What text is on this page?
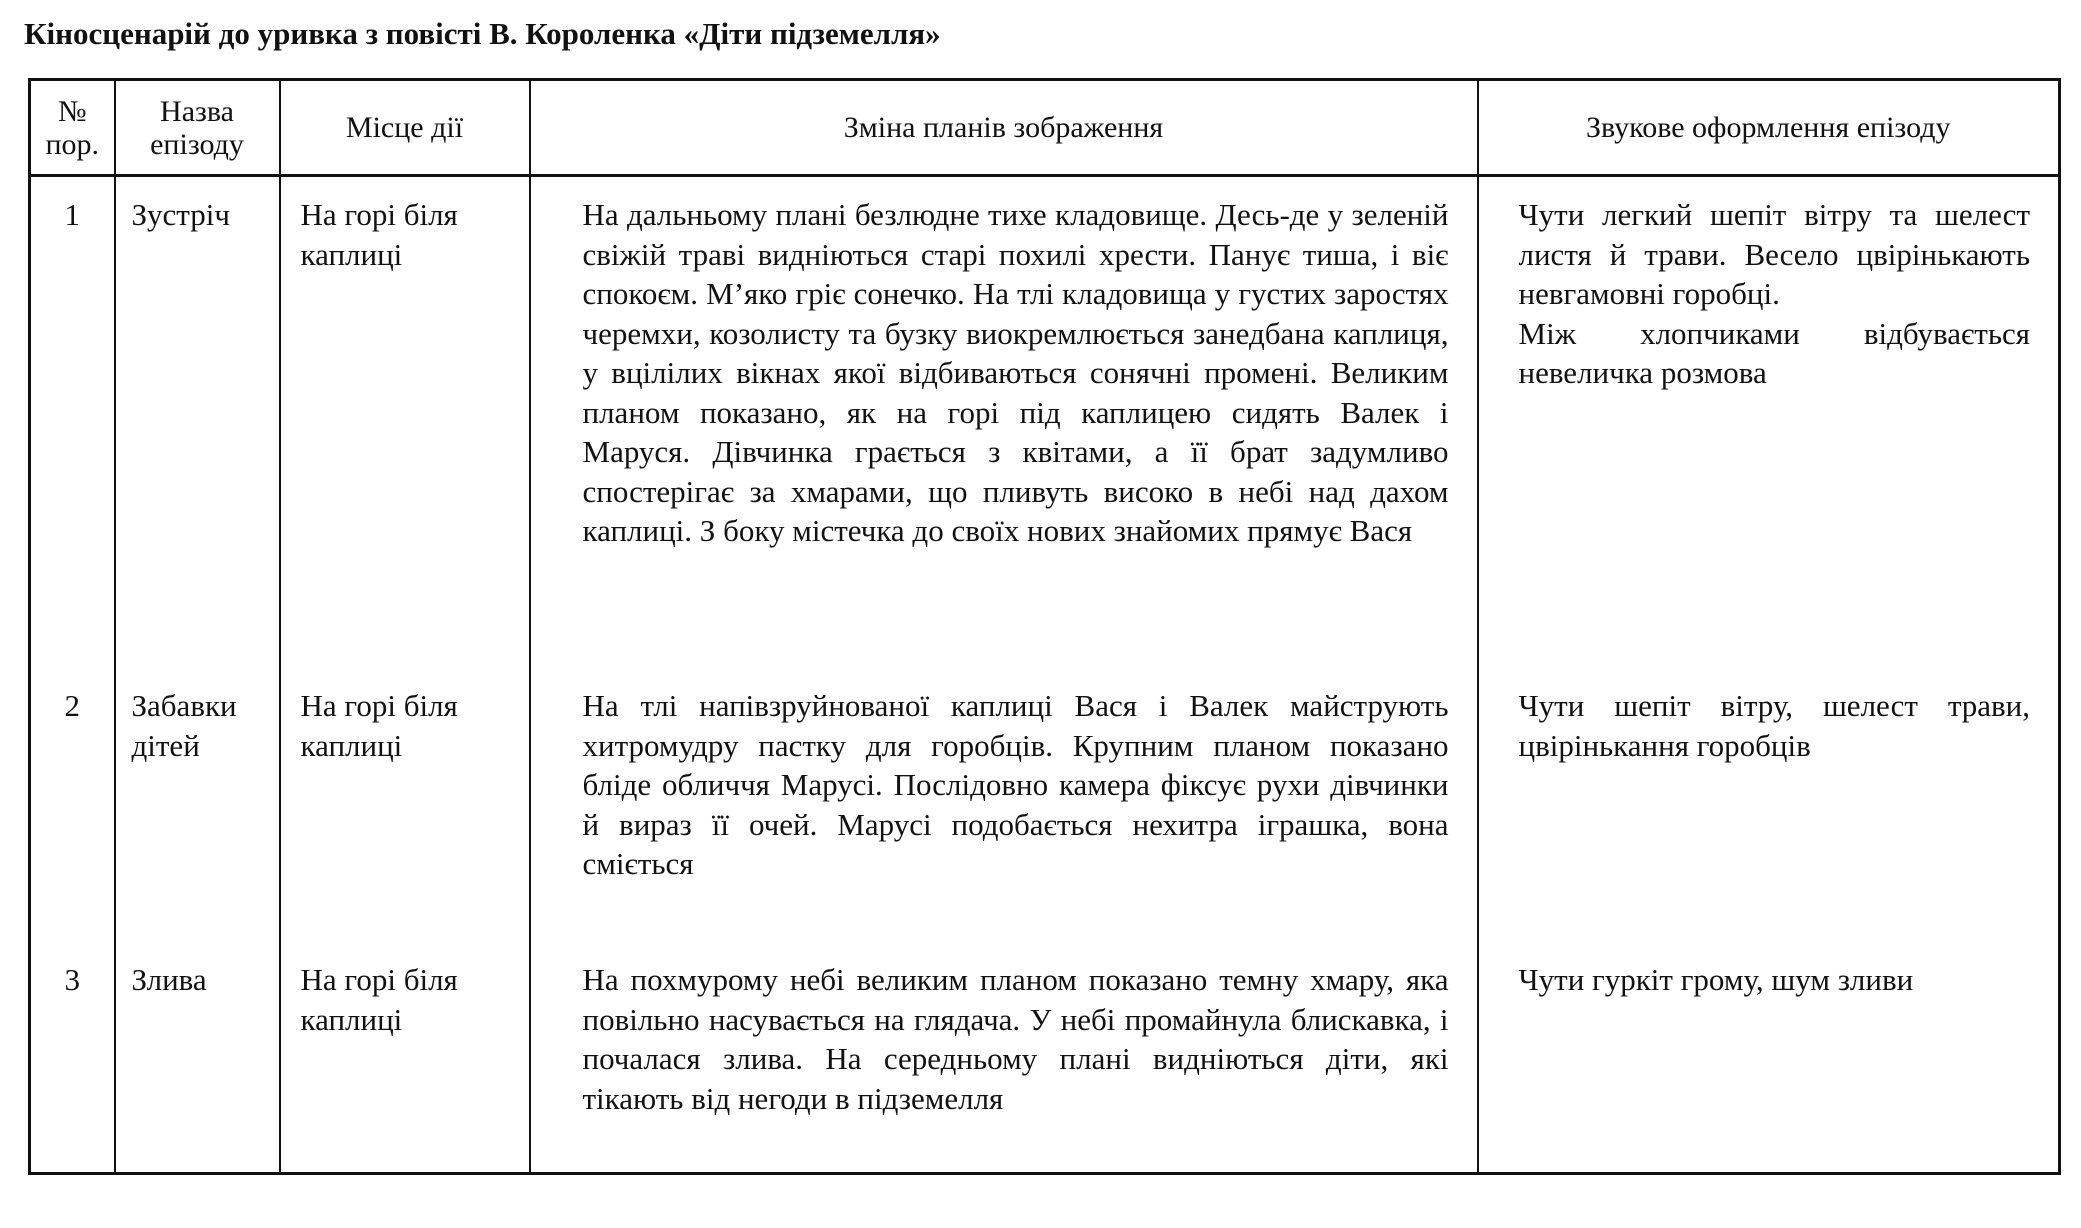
Кіносценарій до уривка з повісті В. Короленка «Діти підземелля»
№ пор.	Назва епізоду	Місце дії	Зміна планів зображення	Звукове оформлення епізоду

1	Зустріч	На горі біля каплиці	На дальньому плані безлюдне тихе кладовище. Десь-де у зеленій свіжій траві видніються старі похилі хрести. Панує тиша, і віє спокоєм. М’яко гріє сонечко. На тлі кладовища у густих заростях черемхи, козолисту та бузку виокремлюється занедбана каплиця, у вцілілих вікнах якої відбиваються сонячні промені. Великим планом показано, як на горі під каплицею сидять Валек і Маруся. Дівчинка грається з квітами, а її брат задумливо спостерігає за хмарами, що пливуть високо в небі над дахом каплиці. З боку містечка до своїх нових знайомих прямує Вася	Чути легкий шепіт вітру та шелест листя й трави. Весело цвірінькають невгамовні горобці.

Між хлопчиками відбувається невеличка розмова

2	Забавки дітей	На горі біля каплиці	На тлі напівзруйнованої каплиці Вася і Валек майструють хитромудру пастку для горобців. Крупним планом показано бліде обличчя Марусі. Послідовно камера фіксує рухи дівчинки й вираз її очей. Марусі подобається нехитра іграшка, вона сміється	Чути шепіт вітру, шелест трави, цвірінькання горобців

3	Злива	На горі біля каплиці	На похмурому небі великим планом показано темну хмару, яка повільно насувається на глядача. У небі промайнула блискавка, і почалася злива. На середньому плані видніються діти, які тікають від негоди в підземелля	Чути гуркіт грому, шум зливи
